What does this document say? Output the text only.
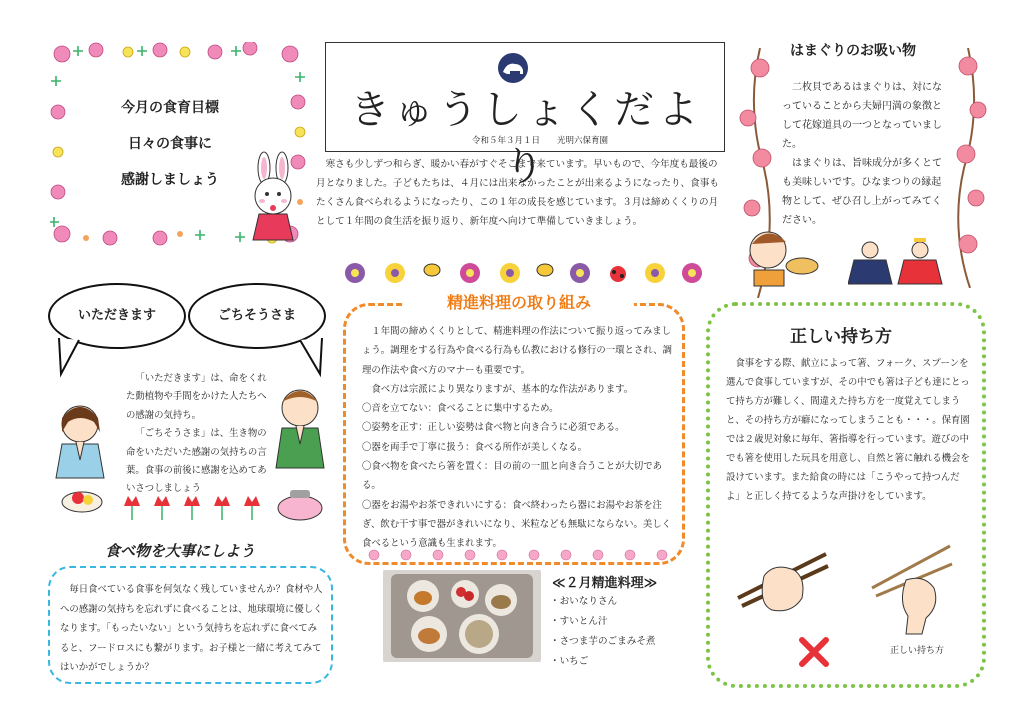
今月の食育目標
日々の食事に
感謝しましょう
きゅうしょくだより
令和５年３月１日　　光明六保育園
寒さも少しずつ和らぎ、暖かい春がすぐそこまで来ています。早いもので、今年度も最後の月となりました。子どもたちは、４月には出来なかったことが出来るようになったり、食事もたくさん食べられるようになったり、この１年の成長を感じています。３月は締めくくりの月として１年間の食生活を振り返り、新年度へ向けて準備していきましょう。
はまぐりのお吸い物

二枚貝であるはまぐりは、対になっていることから夫婦円満の象徴として花嫁道具の一つとなっていました。

はまぐりは、旨味成分が多くとても美味しいです。ひなまつりの縁起物として、ぜひ召し上がってみてください。

いただきます	ごちそうさま

「いただきます」は、命をくれた動植物や手間をかけた人たちへの感謝の気持ち。

「ごちそうさま」は、生き物の命をいただいた感謝の気持ちの言葉。食事の前後に感謝を込めてあいさつしましょう

精進料理の取り組み

１年間の締めくくりとして、精進料理の作法について振り返ってみましょう。調理をする行為や食べる行為も仏教における修行の一環とされ、調理の作法や食べ方のマナーも重要です。

食べ方は宗派により異なりますが、基本的な作法があります。

〇音を立てない：食べることに集中するため。

〇姿勢を正す：正しい姿勢は食べ物と向き合うに必須である。

〇器を両手で丁寧に扱う：食べる所作が美しくなる。

〇食べ物を食べたら箸を置く：目の前の一皿と向き合うことが大切である。

〇器をお湯やお茶できれいにする：食べ終わったら器にお湯やお茶を注ぎ、飲む干す事で器がきれいになり、米粒なども無駄にならない。美しく食べるという意識も生まれます。

≪２月精進料理≫
・おいなりさん
・すいとん汁
・さつま芋のごまみそ煮
・いちご
食べ物を大事にしよう
毎日食べている食事を何気なく残していませんか？食材や人への感謝の気持ちを忘れずに食べることは、地球環境に優しくなります。「もったいない」という気持ちを忘れずに食べてみると、フードロスにも繋がります。お子様と一緒に考えてみてはいかがでしょうか？
正しい持ち方
食事をする際、献立によって箸、フォーク、スプーンを選んで食事していますが、その中でも箸は子ども達にとって持ち方が難しく、間違えた持ち方を一度覚えてしまうと、その持ち方が癖になってしまうことも・・・。保育園では２歳児対象に毎年、箸指導を行っています。遊びの中でも箸を使用した玩具を用意し、自然と箸に触れる機会を設けています。また給食の時には「こうやって持つんだよ」と正しく持てるような声掛けをしています。
正しい持ち方
